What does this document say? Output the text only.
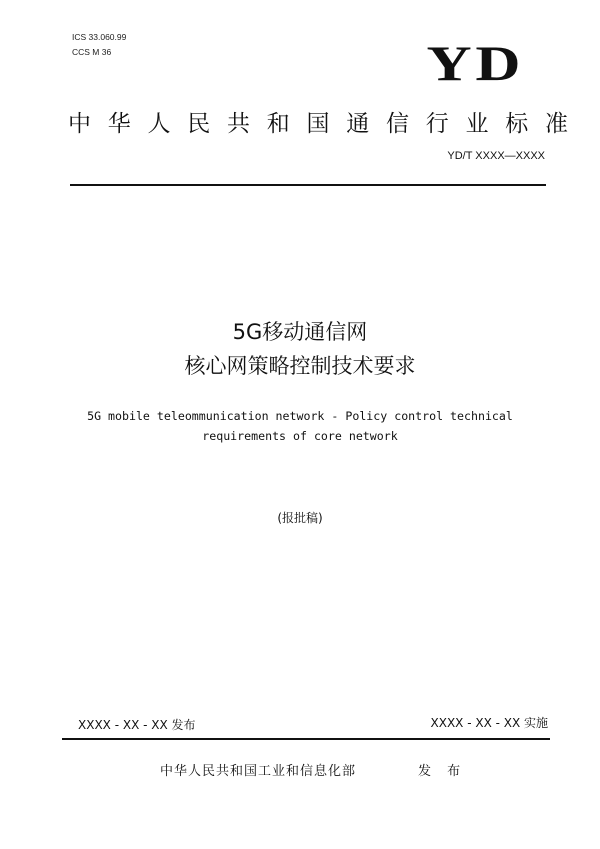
ICS 33.060.99
CCS M 36	YD
中 华 人 民 共 和 国 通 信 行 业 标 准
YD/T XXXX—XXXX
5G移动通信网
核心网策略控制技术要求
5G mobile teleommunication network - Policy control technical
requirements of core network
(报批稿)
XXXX - XX - XX 发布	XXXX - XX - XX 实施
中华人民共和国工业和信息化部	发 布
